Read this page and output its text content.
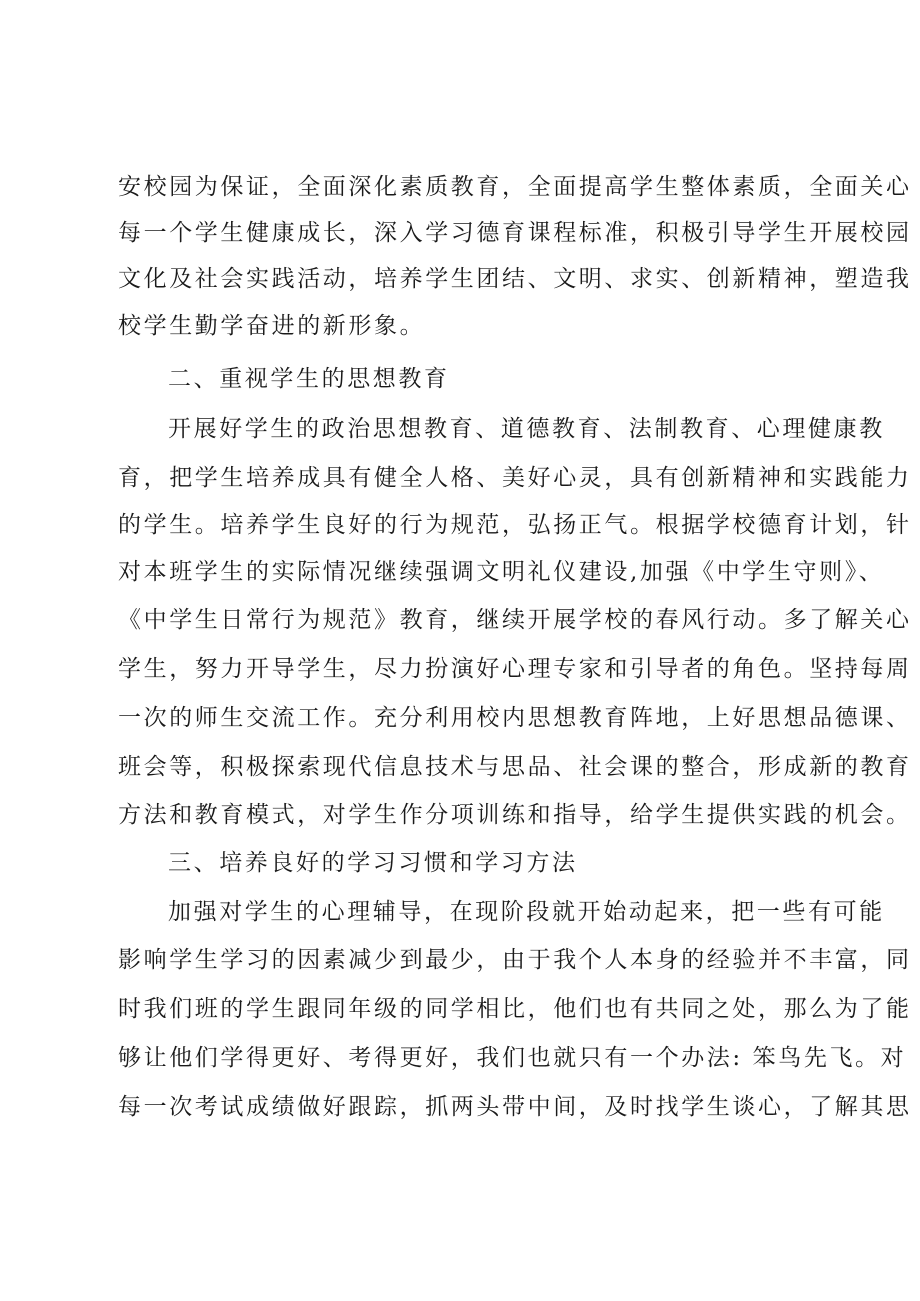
安校园为保证，全面深化素质教育，全面提高学生整体素质，全面关心
每一个学生健康成长，深入学习德育课程标准，积极引导学生开展校园
文化及社会实践活动，培养学生团结、文明、求实、创新精神，塑造我
校学生勤学奋进的新形象。
二、重视学生的思想教育
开展好学生的政治思想教育、道德教育、法制教育、心理健康教
育，把学生培养成具有健全人格、美好心灵，具有创新精神和实践能力
的学生。培养学生良好的行为规范，弘扬正气。根据学校德育计划，针
对本班学生的实际情况继续强调文明礼仪建设,加强《中学生守则》、
《中学生日常行为规范》教育，继续开展学校的春风行动。多了解关心
学生，努力开导学生，尽力扮演好心理专家和引导者的角色。坚持每周
一次的师生交流工作。充分利用校内思想教育阵地，上好思想品德课、
班会等，积极探索现代信息技术与思品、社会课的整合，形成新的教育
方法和教育模式，对学生作分项训练和指导，给学生提供实践的机会。
三、培养良好的学习习惯和学习方法
加强对学生的心理辅导，在现阶段就开始动起来，把一些有可能
影响学生学习的因素减少到最少，由于我个人本身的经验并不丰富，同
时我们班的学生跟同年级的同学相比，他们也有共同之处，那么为了能
够让他们学得更好、考得更好，我们也就只有一个办法: 笨鸟先飞。对
每一次考试成绩做好跟踪，抓两头带中间，及时找学生谈心，了解其思
